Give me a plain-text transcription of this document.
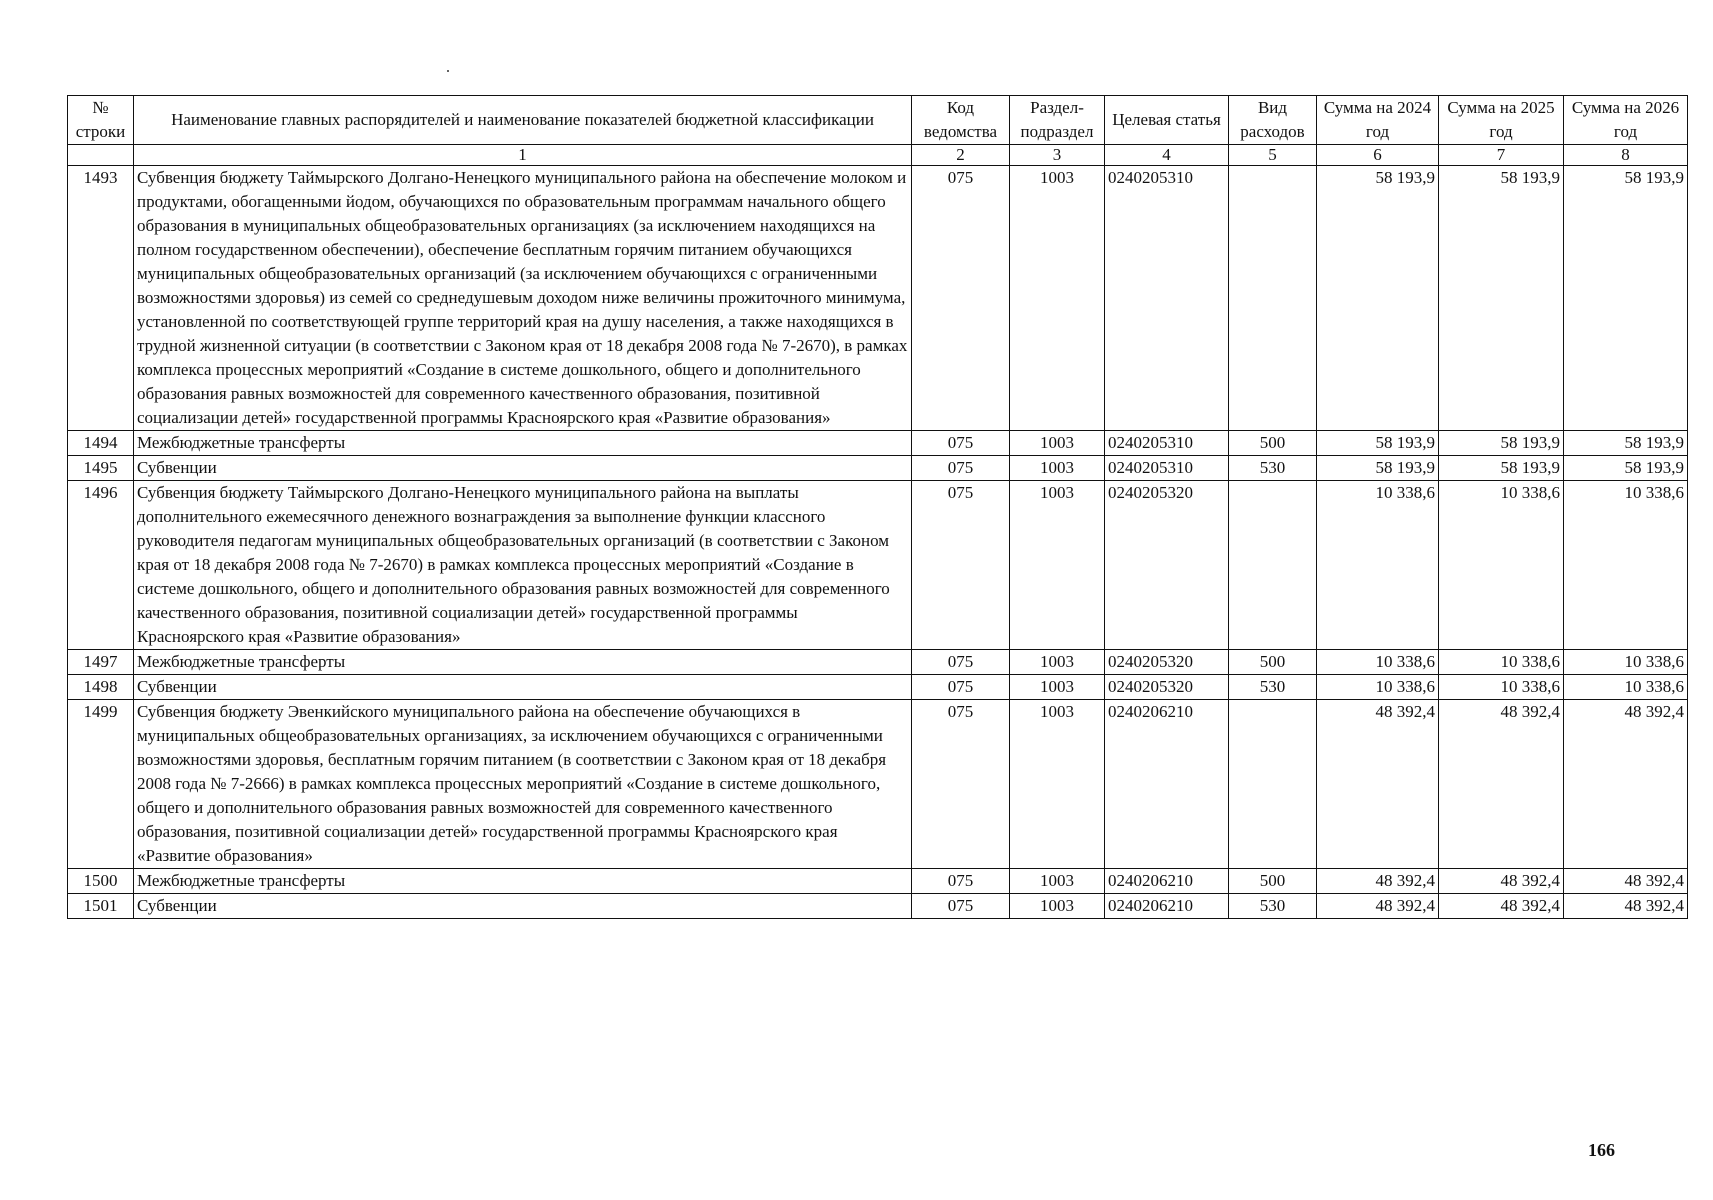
№ строки	Наименование главных распорядителей и наименование показателей бюджетной классификации	Код ведомства	Раздел-подраздел	Целевая статья	Вид расходов	Сумма на 2024 год	Сумма на 2025 год	Сумма на 2026 год
	1	2	3	4	5	6	7	8
1493	Субвенция бюджету Таймырского Долгано-Ненецкого муниципального района на обеспечение молоком и продуктами, обогащенными йодом, обучающихся по образовательным программам начального общего образования в муниципальных общеобразовательных организациях (за исключением находящихся на полном государственном обеспечении), обеспечение бесплатным горячим питанием обучающихся муниципальных общеобразовательных организаций (за исключением обучающихся с ограниченными возможностями здоровья) из семей со среднедушевым доходом ниже величины прожиточного минимума, установленной по соответствующей группе территорий края на душу населения, а также находящихся в трудной жизненной ситуации (в соответствии с Законом края от 18 декабря 2008 года № 7-2670), в рамках комплекса процессных мероприятий «Создание в системе дошкольного, общего и дополнительного образования равных возможностей для современного качественного образования, позитивной социализации детей» государственной программы Красноярского края «Развитие образования»	075	1003	0240205310		58 193,9	58 193,9	58 193,9
1494	Межбюджетные трансферты	075	1003	0240205310	500	58 193,9	58 193,9	58 193,9
1495	Субвенции	075	1003	0240205310	530	58 193,9	58 193,9	58 193,9
1496	Субвенция бюджету Таймырского Долгано-Ненецкого муниципального района на выплаты дополнительного ежемесячного денежного вознаграждения за выполнение функции классного руководителя педагогам муниципальных общеобразовательных организаций (в соответствии с Законом края от 18 декабря 2008 года № 7-2670) в рамках комплекса процессных мероприятий «Создание в системе дошкольного, общего и дополнительного образования равных возможностей для современного качественного образования, позитивной социализации детей» государственной программы Красноярского края «Развитие образования»	075	1003	0240205320		10 338,6	10 338,6	10 338,6
1497	Межбюджетные трансферты	075	1003	0240205320	500	10 338,6	10 338,6	10 338,6
1498	Субвенции	075	1003	0240205320	530	10 338,6	10 338,6	10 338,6
1499	Субвенция бюджету Эвенкийского муниципального района на обеспечение обучающихся в муниципальных общеобразовательных организациях, за исключением обучающихся с ограниченными возможностями здоровья, бесплатным горячим питанием (в соответствии с Законом края от 18 декабря 2008 года № 7-2666) в рамках комплекса процессных мероприятий «Создание в системе дошкольного, общего и дополнительного образования равных возможностей для современного качественного образования, позитивной социализации детей» государственной программы Красноярского края «Развитие образования»	075	1003	0240206210		48 392,4	48 392,4	48 392,4
1500	Межбюджетные трансферты	075	1003	0240206210	500	48 392,4	48 392,4	48 392,4
1501	Субвенции	075	1003	0240206210	530	48 392,4	48 392,4	48 392,4
166
